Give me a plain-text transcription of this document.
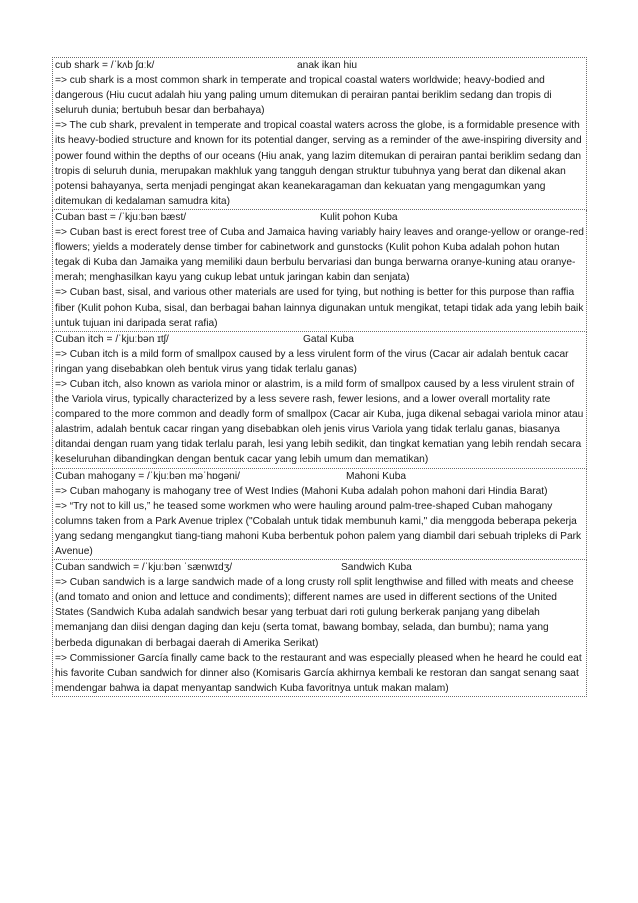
cub shark = /ˈkʌb ʃɑːk/	anak ikan hiu

=> cub shark is a most common shark in temperate and tropical coastal waters worldwide; heavy-bodied and dangerous (Hiu cucut adalah hiu yang paling umum ditemukan di perairan pantai beriklim sedang dan tropis di seluruh dunia; bertubuh besar dan berbahaya)

=> The cub shark, prevalent in temperate and tropical coastal waters across the globe, is a formidable presence with its heavy-bodied structure and known for its potential danger, serving as a reminder of the awe-inspiring diversity and power found within the depths of our oceans (Hiu anak, yang lazim ditemukan di perairan pantai beriklim sedang dan tropis di seluruh dunia, merupakan makhluk yang tangguh dengan struktur tubuhnya yang berat dan dikenal akan potensi bahayanya, serta menjadi pengingat akan keanekaragaman dan kekuatan yang mengagumkan yang ditemukan di kedalaman samudra kita)

Cuban bast = /ˈkjuːbən bæst/	Kulit pohon Kuba

=> Cuban bast is erect forest tree of Cuba and Jamaica having variably hairy leaves and orange-yellow or orange-red flowers; yields a moderately dense timber for cabinetwork and gunstocks (Kulit pohon Kuba adalah pohon hutan tegak di Kuba dan Jamaika yang memiliki daun berbulu bervariasi dan bunga berwarna oranye-kuning atau oranye-merah; menghasilkan kayu yang cukup lebat untuk jaringan kabin dan senjata)

=> Cuban bast, sisal, and various other materials are used for tying, but nothing is better for this purpose than raffia fiber (Kulit pohon Kuba, sisal, dan berbagai bahan lainnya digunakan untuk mengikat, tetapi tidak ada yang lebih baik untuk tujuan ini daripada serat rafia)

Cuban itch = /ˈkjuːbən ɪtʃ/	Gatal Kuba

=> Cuban itch is a mild form of smallpox caused by a less virulent form of the virus (Cacar air adalah bentuk cacar ringan yang disebabkan oleh bentuk virus yang tidak terlalu ganas)

=> Cuban itch, also known as variola minor or alastrim, is a mild form of smallpox caused by a less virulent strain of the Variola virus, typically characterized by a less severe rash, fewer lesions, and a lower overall mortality rate compared to the more common and deadly form of smallpox (Cacar air Kuba, juga dikenal sebagai variola minor atau alastrim, adalah bentuk cacar ringan yang disebabkan oleh jenis virus Variola yang tidak terlalu ganas, biasanya ditandai dengan ruam yang tidak terlalu parah, lesi yang lebih sedikit, dan tingkat kematian yang lebih rendah secara keseluruhan dibandingkan dengan bentuk cacar yang lebih umum dan mematikan)

Cuban mahogany = /ˈkjuːbən məˈhɒɡəni/	Mahoni Kuba

=> Cuban mahogany is mahogany tree of West Indies (Mahoni Kuba adalah pohon mahoni dari Hindia Barat)

=> “Try not to kill us,” he teased some workmen who were hauling around palm-tree-shaped Cuban mahogany columns taken from a Park Avenue triplex ("Cobalah untuk tidak membunuh kami," dia menggoda beberapa pekerja yang sedang mengangkut tiang-tiang mahoni Kuba berbentuk pohon palem yang diambil dari sebuah tripleks di Park Avenue)

Cuban sandwich = /ˈkjuːbən ˈsænwɪdʒ/	Sandwich Kuba

=> Cuban sandwich is a large sandwich made of a long crusty roll split lengthwise and filled with meats and cheese (and tomato and onion and lettuce and condiments); different names are used in different sections of the United States (Sandwich Kuba adalah sandwich besar yang terbuat dari roti gulung berkerak panjang yang dibelah memanjang dan diisi dengan daging dan keju (serta tomat, bawang bombay, selada, dan bumbu); nama yang berbeda digunakan di berbagai daerah di Amerika Serikat)

=> Commissioner García finally came back to the restaurant and was especially pleased when he heard he could eat his favorite Cuban sandwich for dinner also (Komisaris García akhirnya kembali ke restoran dan sangat senang saat mendengar bahwa ia dapat menyantap sandwich Kuba favoritnya untuk makan malam)
